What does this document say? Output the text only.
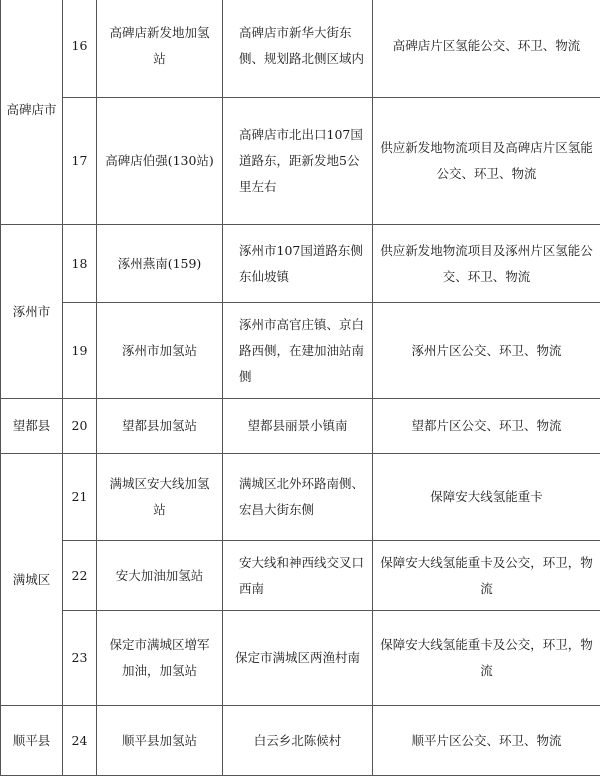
高碑店市	16	高碑店新发地加氢站	高碑店市新华大街东侧、规划路北侧区域内	高碑店片区氢能公交、环卫、物流
	17	高碑店伯强(130站)	高碑店市北出口107国道路东，距新发地5公里左右	供应新发地物流项目及高碑店片区氢能公交、环卫、物流
涿州市	18	涿州燕南(159)	涿州市107国道路东侧东仙坡镇	供应新发地物流项目及涿州片区氢能公交、环卫、物流
	19	涿州市加氢站	涿州市高官庄镇、京白路西侧，在建加油站南侧	涿州片区公交、环卫、物流
望都县	20	望都县加氢站	望都县丽景小镇南	望都片区公交、环卫、物流
满城区	21	满城区安大线加氢站	满城区北外环路南侧、宏昌大街东侧	保障安大线氢能重卡
	22	安大加油加氢站	安大线和神西线交叉口西南	保障安大线氢能重卡及公交，环卫，物流
	23	保定市满城区增军加油，加氢站	保定市满城区两渔村南	保障安大线氢能重卡及公交，环卫，物流
顺平县	24	顺平县加氢站	白云乡北陈候村	顺平片区公交、环卫、物流
